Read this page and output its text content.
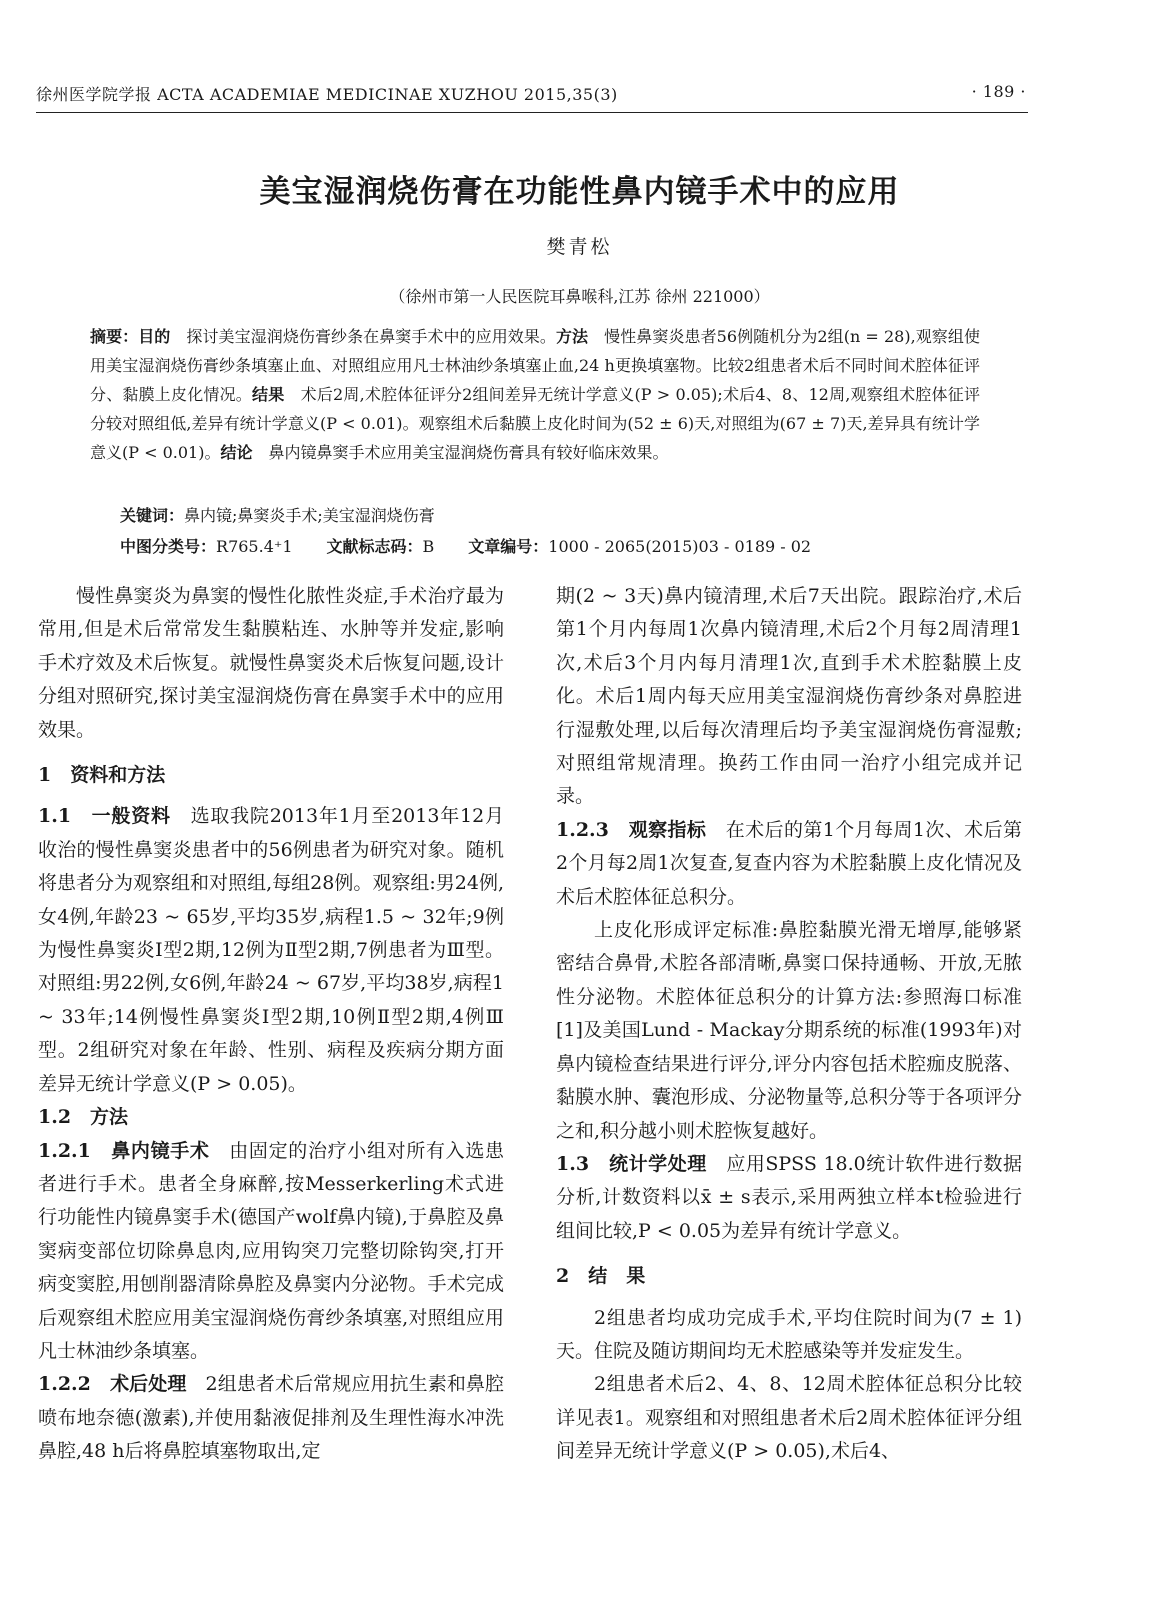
徐州医学院学报 ACTA ACADEMIAE MEDICINAE XUZHOU 2015,35(3)	· 189 ·
美宝湿润烧伤膏在功能性鼻内镜手术中的应用
樊青松
（徐州市第一人民医院耳鼻喉科,江苏 徐州 221000）
摘要：目的　探讨美宝湿润烧伤膏纱条在鼻窦手术中的应用效果。方法　慢性鼻窦炎患者56例随机分为2组(n = 28),观察组使用美宝湿润烧伤膏纱条填塞止血、对照组应用凡士林油纱条填塞止血,24 h更换填塞物。比较2组患者术后不同时间术腔体征评分、黏膜上皮化情况。结果　术后2周,术腔体征评分2组间差异无统计学意义(P > 0.05);术后4、8、12周,观察组术腔体征评分较对照组低,差异有统计学意义(P < 0.01)。观察组术后黏膜上皮化时间为(52 ± 6)天,对照组为(67 ± 7)天,差异具有统计学意义(P < 0.01)。结论　鼻内镜鼻窦手术应用美宝湿润烧伤膏具有较好临床效果。
关键词：鼻内镜;鼻窦炎手术;美宝湿润烧伤膏
中图分类号：R765.4⁺1 文献标志码：B 文章编号：1000 - 2065(2015)03 - 0189 - 02

慢性鼻窦炎为鼻窦的慢性化脓性炎症,手术治疗最为常用,但是术后常常发生黏膜粘连、水肿等并发症,影响手术疗效及术后恢复。就慢性鼻窦炎术后恢复问题,设计分组对照研究,探讨美宝湿润烧伤膏在鼻窦手术中的应用效果。

1　资料和方法

1.1　一般资料　选取我院2013年1月至2013年12月收治的慢性鼻窦炎患者中的56例患者为研究对象。随机将患者分为观察组和对照组,每组28例。观察组:男24例,女4例,年龄23 ~ 65岁,平均35岁,病程1.5 ~ 32年;9例为慢性鼻窦炎Ⅰ型2期,12例为Ⅱ型2期,7例患者为Ⅲ型。对照组:男22例,女6例,年龄24 ~ 67岁,平均38岁,病程1 ~ 33年;14例慢性鼻窦炎Ⅰ型2期,10例Ⅱ型2期,4例Ⅲ型。2组研究对象在年龄、性别、病程及疾病分期方面差异无统计学意义(P > 0.05)。

1.2　方法

1.2.1　鼻内镜手术　由固定的治疗小组对所有入选患者进行手术。患者全身麻醉,按Messerkerling术式进行功能性内镜鼻窦手术(德国产wolf鼻内镜),于鼻腔及鼻窦病变部位切除鼻息肉,应用钩突刀完整切除钩突,打开病变窦腔,用刨削器清除鼻腔及鼻窦内分泌物。手术完成后观察组术腔应用美宝湿润烧伤膏纱条填塞,对照组应用凡士林油纱条填塞。

1.2.2　术后处理　2组患者术后常规应用抗生素和鼻腔喷布地奈德(激素),并使用黏液促排剂及生理性海水冲洗鼻腔,48 h后将鼻腔填塞物取出,定

期(2 ~ 3天)鼻内镜清理,术后7天出院。跟踪治疗,术后第1个月内每周1次鼻内镜清理,术后2个月每2周清理1次,术后3个月内每月清理1次,直到手术术腔黏膜上皮化。术后1周内每天应用美宝湿润烧伤膏纱条对鼻腔进行湿敷处理,以后每次清理后均予美宝湿润烧伤膏湿敷;对照组常规清理。换药工作由同一治疗小组完成并记录。

1.2.3　观察指标　在术后的第1个月每周1次、术后第2个月每2周1次复查,复查内容为术腔黏膜上皮化情况及术后术腔体征总积分。

上皮化形成评定标准:鼻腔黏膜光滑无增厚,能够紧密结合鼻骨,术腔各部清晰,鼻窦口保持通畅、开放,无脓性分泌物。术腔体征总积分的计算方法:参照海口标准[1]及美国Lund - Mackay分期系统的标准(1993年)对鼻内镜检查结果进行评分,评分内容包括术腔痂皮脱落、黏膜水肿、囊泡形成、分泌物量等,总积分等于各项评分之和,积分越小则术腔恢复越好。

1.3　统计学处理　应用SPSS 18.0统计软件进行数据分析,计数资料以x̄ ± s表示,采用两独立样本t检验进行组间比较,P < 0.05为差异有统计学意义。

2　结　果

2组患者均成功完成手术,平均住院时间为(7 ± 1)天。住院及随访期间均无术腔感染等并发症发生。

2组患者术后2、4、8、12周术腔体征总积分比较详见表1。观察组和对照组患者术后2周术腔体征评分组间差异无统计学意义(P > 0.05),术后4、
